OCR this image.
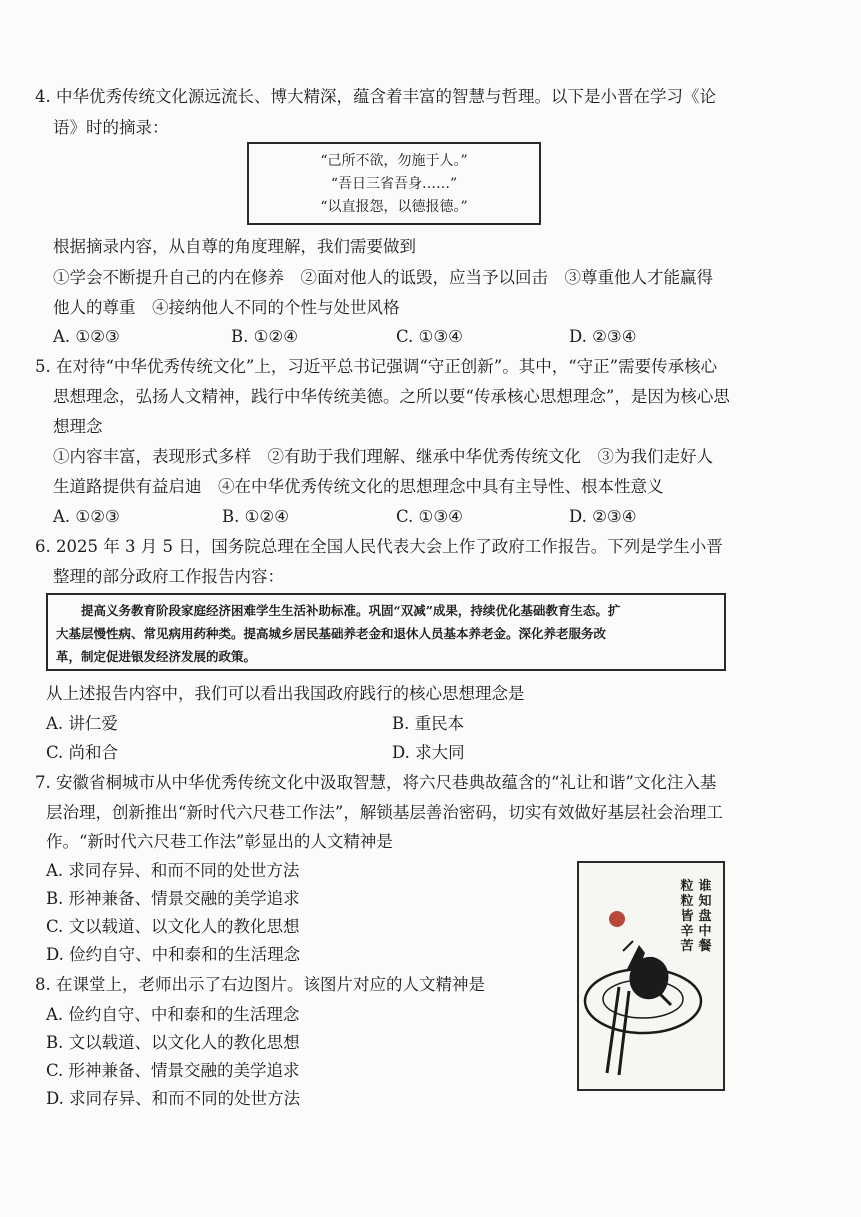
4. 中华优秀传统文化源远流长、博大精深，蕴含着丰富的智慧与哲理。以下是小晋在学习《论
语》时的摘录：
“己所不欲，勿施于人。”
“吾日三省吾身……”
“以直报怨，以德报德。”
根据摘录内容，从自尊的角度理解，我们需要做到
①学会不断提升自己的内在修养　②面对他人的诋毁，应当予以回击　③尊重他人才能赢得
他人的尊重　④接纳他人不同的个性与处世风格
A. ①②③	B. ①②④	C. ①③④	D. ②③④
5. 在对待“中华优秀传统文化”上，习近平总书记强调“守正创新”。其中，“守正”需要传承核心
思想理念，弘扬人文精神，践行中华传统美德。之所以要“传承核心思想理念”，是因为核心思
想理念
①内容丰富，表现形式多样　②有助于我们理解、继承中华优秀传统文化　③为我们走好人
生道路提供有益启迪　④在中华优秀传统文化的思想理念中具有主导性、根本性意义
A. ①②③	B. ①②④	C. ①③④	D. ②③④
6. 2025 年 3 月 5 日，国务院总理在全国人民代表大会上作了政府工作报告。下列是学生小晋
整理的部分政府工作报告内容：
　　提高义务教育阶段家庭经济困难学生生活补助标准。巩固“双减”成果，持续优化基础教育生态。扩
大基层慢性病、常见病用药种类。提高城乡居民基础养老金和退休人员基本养老金。深化养老服务改
革，制定促进银发经济发展的政策。
从上述报告内容中，我们可以看出我国政府践行的核心思想理念是
A. 讲仁爱	B. 重民本
C. 尚和合	D. 求大同
7. 安徽省桐城市从中华优秀传统文化中汲取智慧，将六尺巷典故蕴含的“礼让和谐”文化注入基
层治理，创新推出“新时代六尺巷工作法”，解锁基层善治密码，切实有效做好基层社会治理工
作。“新时代六尺巷工作法”彰显出的人文精神是
A. 求同存异、和而不同的处世方法
B. 形神兼备、情景交融的美学追求
C. 文以载道、以文化人的教化思想
D. 俭约自守、中和泰和的生活理念
8. 在课堂上，老师出示了右边图片。该图片对应的人文精神是
A. 俭约自守、中和泰和的生活理念
B. 文以载道、以文化人的教化思想
C. 形神兼备、情景交融的美学追求
D. 求同存异、和而不同的处世方法
谁知盘中餐
粒粒皆辛苦
